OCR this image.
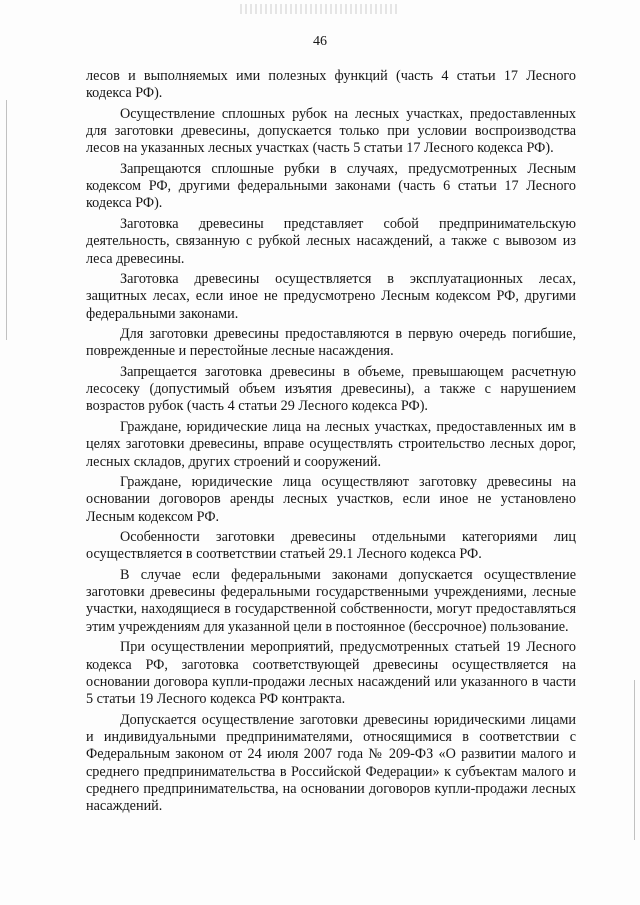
46

лесов и выполняемых ими полезных функций (часть 4 статьи 17 Лесного кодекса РФ).

Осуществление сплошных рубок на лесных участках, предоставленных для заготовки древесины, допускается только при условии воспроизводства лесов на указанных лесных участках (часть 5 статьи 17 Лесного кодекса РФ).

Запрещаются сплошные рубки в случаях, предусмотренных Лесным кодексом РФ, другими федеральными законами (часть 6 статьи 17 Лесного кодекса РФ).

Заготовка древесины представляет собой предпринимательскую деятельность, связанную с рубкой лесных насаждений, а также с вывозом из леса древесины.

Заготовка древесины осуществляется в эксплуатационных лесах, защитных лесах, если иное не предусмотрено Лесным кодексом РФ, другими федеральными законами.

Для заготовки древесины предоставляются в первую очередь погибшие, поврежденные и перестойные лесные насаждения.

Запрещается заготовка древесины в объеме, превышающем расчетную лесосеку (допустимый объем изъятия древесины), а также с нарушением возрастов рубок (часть 4 статьи 29 Лесного кодекса РФ).

Граждане, юридические лица на лесных участках, предоставленных им в целях заготовки древесины, вправе осуществлять строительство лесных дорог, лесных складов, других строений и сооружений.

Граждане, юридические лица осуществляют заготовку древесины на основании договоров аренды лесных участков, если иное не установлено Лесным кодексом РФ.

Особенности заготовки древесины отдельными категориями лиц осуществляется в соответствии статьей 29.1 Лесного кодекса РФ.

В случае если федеральными законами допускается осуществление заготовки древесины федеральными государственными учреждениями, лесные участки, находящиеся в государственной собственности, могут предоставляться этим учреждениям для указанной цели в постоянное (бессрочное) пользование.

При осуществлении мероприятий, предусмотренных статьей 19 Лесного кодекса РФ, заготовка соответствующей древесины осуществляется на основании договора купли-продажи лесных насаждений или указанного в части 5 статьи 19 Лесного кодекса РФ контракта.

Допускается осуществление заготовки древесины юридическими лицами и индивидуальными предпринимателями, относящимися в соответствии с Федеральным законом от 24 июля 2007 года № 209-ФЗ «О развитии малого и среднего предпринимательства в Российской Федерации» к субъектам малого и среднего предпринимательства, на основании договоров купли-продажи лесных насаждений.
